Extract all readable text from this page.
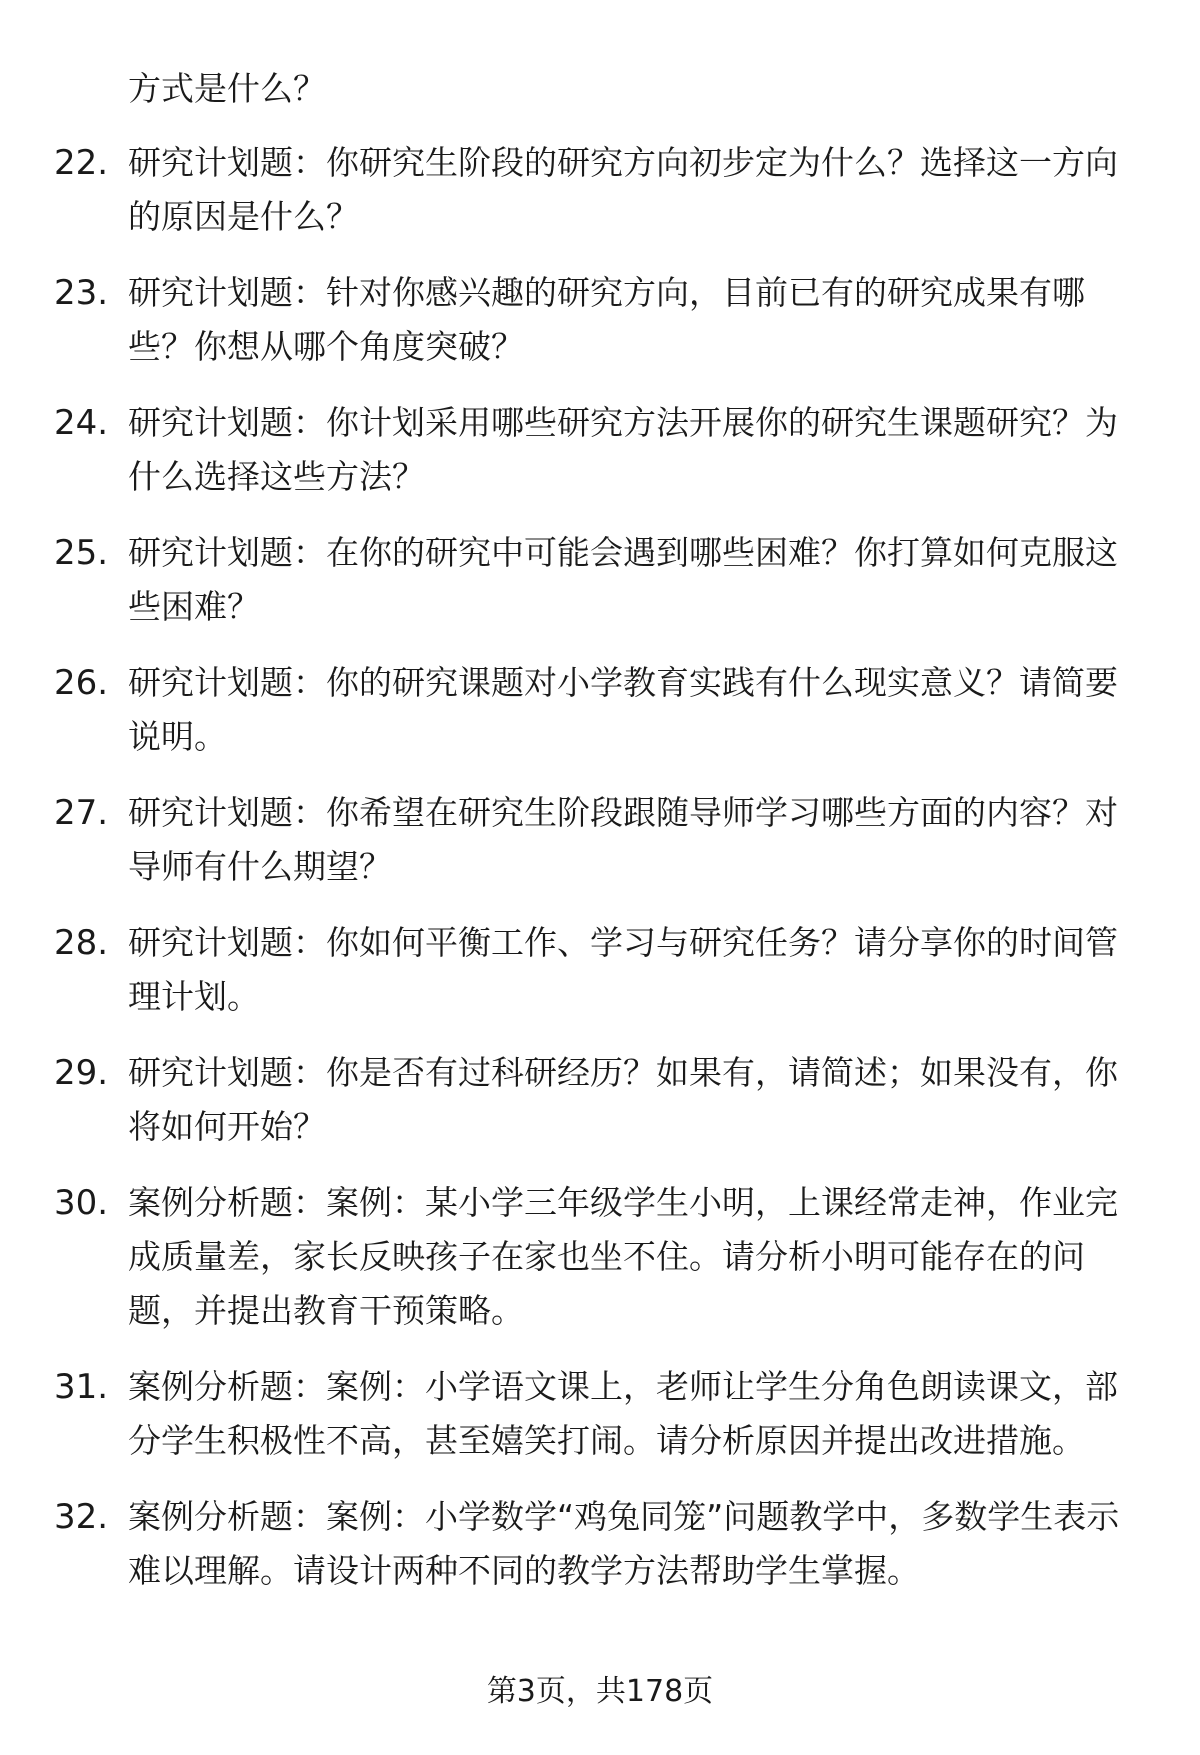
方式是什么？
22. 研究计划题：你研究生阶段的研究方向初步定为什么？选择这一方向的原因是什么？
23. 研究计划题：针对你感兴趣的研究方向，目前已有的研究成果有哪些？你想从哪个角度突破？
24. 研究计划题：你计划采用哪些研究方法开展你的研究生课题研究？为什么选择这些方法？
25. 研究计划题：在你的研究中可能会遇到哪些困难？你打算如何克服这些困难？
26. 研究计划题：你的研究课题对小学教育实践有什么现实意义？请简要说明。
27. 研究计划题：你希望在研究生阶段跟随导师学习哪些方面的内容？对导师有什么期望？
28. 研究计划题：你如何平衡工作、学习与研究任务？请分享你的时间管理计划。
29. 研究计划题：你是否有过科研经历？如果有，请简述；如果没有，你将如何开始？
30. 案例分析题：案例：某小学三年级学生小明，上课经常走神，作业完成质量差，家长反映孩子在家也坐不住。请分析小明可能存在的问题，并提出教育干预策略。
31. 案例分析题：案例：小学语文课上，老师让学生分角色朗读课文，部分学生积极性不高，甚至嬉笑打闹。请分析原因并提出改进措施。
32. 案例分析题：案例：小学数学“鸡兔同笼”问题教学中，多数学生表示难以理解。请设计两种不同的教学方法帮助学生掌握。
第3页，共178页
